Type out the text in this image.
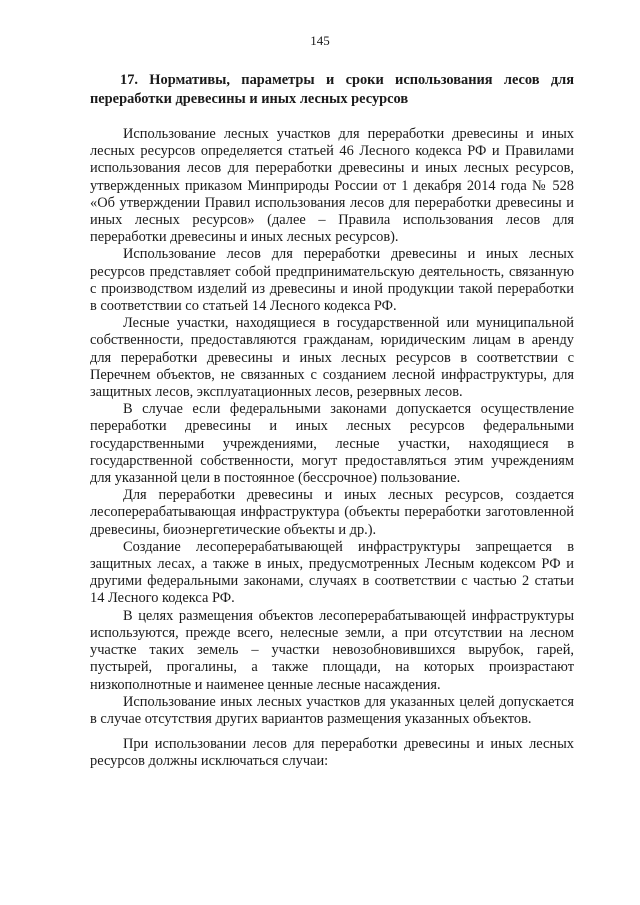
145
17. Нормативы, параметры и сроки использования лесов для переработки древесины и иных лесных ресурсов

Использование лесных участков для переработки древесины и иных лесных ресурсов определяется статьей 46 Лесного кодекса РФ и Правилами использования лесов для переработки древесины и иных лесных ресурсов, утвержденных приказом Минприроды России от 1 декабря 2014 года № 528 «Об утверждении Правил использования лесов для переработки древесины и иных лесных ресурсов» (далее – Правила использования лесов для переработки древесины и иных лесных ресурсов).

Использование лесов для переработки древесины и иных лесных ресурсов представляет собой предпринимательскую деятельность, связанную с производством изделий из древесины и иной продукции такой переработки в соответствии со статьей 14 Лесного кодекса РФ.

Лесные участки, находящиеся в государственной или муниципальной собственности, предоставляются гражданам, юридическим лицам в аренду для переработки древесины и иных лесных ресурсов в соответствии с Перечнем объектов, не связанных с созданием лесной инфраструктуры, для защитных лесов, эксплуатационных лесов, резервных лесов.

В случае если федеральными законами допускается осуществление переработки древесины и иных лесных ресурсов федеральными государственными учреждениями, лесные участки, находящиеся в государственной собственности, могут предоставляться этим учреждениям для указанной цели в постоянное (бессрочное) пользование.

Для переработки древесины и иных лесных ресурсов, создается лесоперерабатывающая инфраструктура (объекты переработки заготовленной древесины, биоэнергетические объекты и др.).

Создание лесоперерабатывающей инфраструктуры запрещается в защитных лесах, а также в иных, предусмотренных Лесным кодексом РФ и другими федеральными законами, случаях в соответствии с частью 2 статьи 14 Лесного кодекса РФ.

В целях размещения объектов лесоперерабатывающей инфраструктуры используются, прежде всего, нелесные земли, а при отсутствии на лесном участке таких земель – участки невозобновившихся вырубок, гарей, пустырей, прогалины, а также площади, на которых произрастают низкополнотные и наименее ценные лесные насаждения.

Использование иных лесных участков для указанных целей допускается в случае отсутствия других вариантов размещения указанных объектов.

При использовании лесов для переработки древесины и иных лесных ресурсов должны исключаться случаи:
